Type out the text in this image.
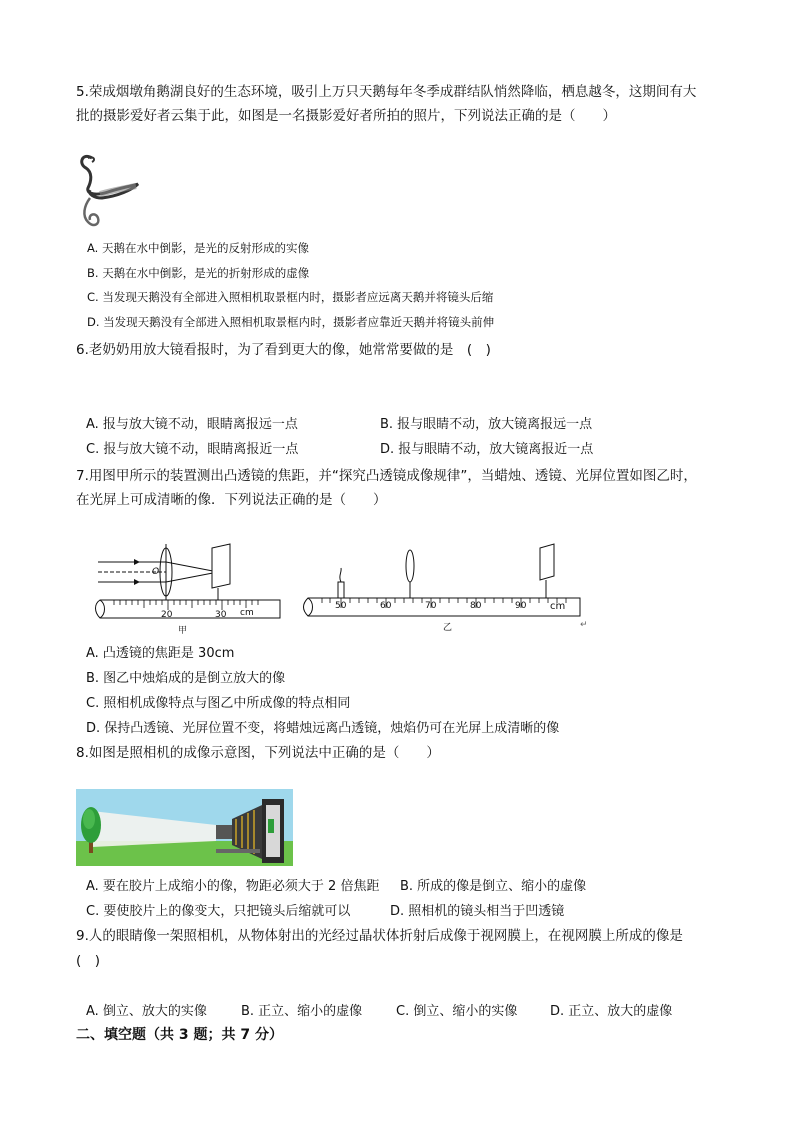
5.荣成烟墩角鹅湖良好的生态环境，吸引上万只天鹅每年冬季成群结队悄然降临，栖息越冬，这期间有大
批的摄影爱好者云集于此，如图是一名摄影爱好者所拍的照片，下列说法正确的是（　　）
A. 天鹅在水中倒影，是光的反射形成的实像
B. 天鹅在水中倒影，是光的折射形成的虚像
C. 当发现天鹅没有全部进入照相机取景框内时，摄影者应远离天鹅并将镜头后缩
D. 当发现天鹅没有全部进入照相机取景框内时，摄影者应靠近天鹅并将镜头前伸
6.老奶奶用放大镜看报时，为了看到更大的像，她常常要做的是　(　)
A. 报与放大镜不动，眼睛离报远一点	B. 报与眼睛不动，放大镜离报远一点
C. 报与放大镜不动，眼睛离报近一点	D. 报与眼睛不动，放大镜离报近一点
7.用图甲所示的装置测出凸透镜的焦距，并“探究凸透镜成像规律”，当蜡烛、透镜、光屏位置如图乙时，
在光屏上可成清晰的像．下列说法正确的是（　　）
O
20	30 cm
甲
50	60	70	80	90 cm
乙	↵
A. 凸透镜的焦距是 30cm
B. 图乙中烛焰成的是倒立放大的像
C. 照相机成像特点与图乙中所成像的特点相同
D. 保持凸透镜、光屏位置不变，将蜡烛远离凸透镜，烛焰仍可在光屏上成清晰的像
8.如图是照相机的成像示意图，下列说法中正确的是（　　）
A. 要在胶片上成缩小的像，物距必须大于 2 倍焦距 B. 所成的像是倒立、缩小的虚像
C. 要使胶片上的像变大，只把镜头后缩就可以	D. 照相机的镜头相当于凹透镜
9.人的眼睛像一架照相机，从物体射出的光经过晶状体折射后成像于视网膜上，在视网膜上所成的像是
(　)
A. 倒立、放大的实像	B. 正立、缩小的虚像	C. 倒立、缩小的实像	D. 正立、放大的虚像
二、填空题（共 3 题；共 7 分）
